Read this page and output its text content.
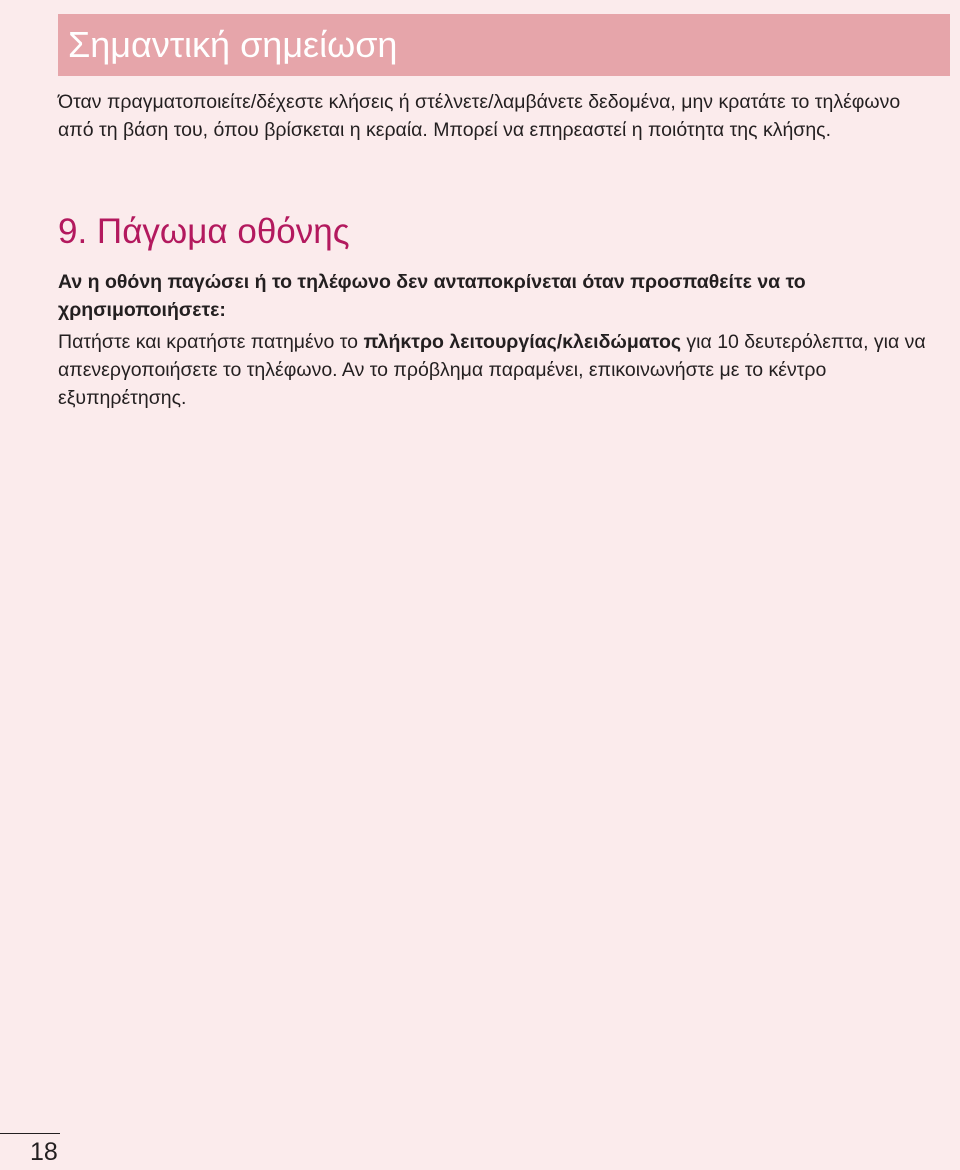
Σημαντική σημείωση

Όταν πραγματοποιείτε/δέχεστε κλήσεις ή στέλνετε/λαμβάνετε δεδομένα, μην κρατάτε το τηλέφωνο από τη βάση του, όπου βρίσκεται η κεραία. Μπορεί να επηρεαστεί η ποιότητα της κλήσης.

9. Πάγωμα οθόνης

Αν η οθόνη παγώσει ή το τηλέφωνο δεν ανταποκρίνεται όταν προσπαθείτε να το χρησιμοποιήσετε:

Πατήστε και κρατήστε πατημένο το πλήκτρο λειτουργίας/κλειδώματος για 10 δευτερόλεπτα, για να απενεργοποιήσετε το τηλέφωνο. Αν το πρόβλημα παραμένει, επικοινωνήστε με το κέντρο εξυπηρέτησης.

18
